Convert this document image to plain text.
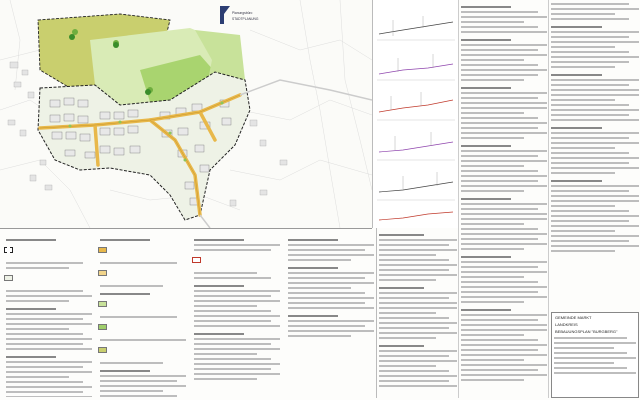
Planungsbüro
STADTPLANUNG
GEMEINDE MARKT
LANDKREIS
BEBAUUNGSPLAN "BURGBERG"
